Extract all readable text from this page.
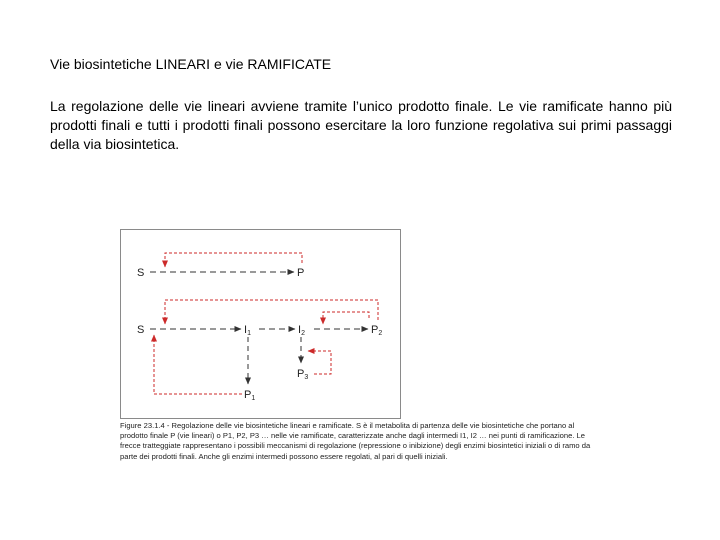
Vie biosintetiche LINEARI e vie RAMIFICATE

La regolazione delle vie lineari avviene tramite l’unico prodotto finale. Le vie ramificate hanno più prodotti finali e tutti i prodotti finali possono esercitare la loro funzione regolativa sui primi passaggi della via biosintetica.

S	P
S	I1	I2	P2
P1
P3

Figure 23.1.4 - Regolazione delle vie biosintetiche lineari e ramificate. S è il metabolita di partenza delle vie biosintetiche che portano al prodotto finale P (vie lineari) o P1, P2, P3 … nelle vie ramificate, caratterizzate anche dagli intermedi I1, I2 … nei punti di ramificazione. Le frecce tratteggiate rappresentano i possibili meccanismi di regolazione (repressione o inibizione) degli enzimi biosintetici iniziali o di ramo da parte dei prodotti finali. Anche gli enzimi intermedi possono essere regolati, al pari di quelli iniziali.
